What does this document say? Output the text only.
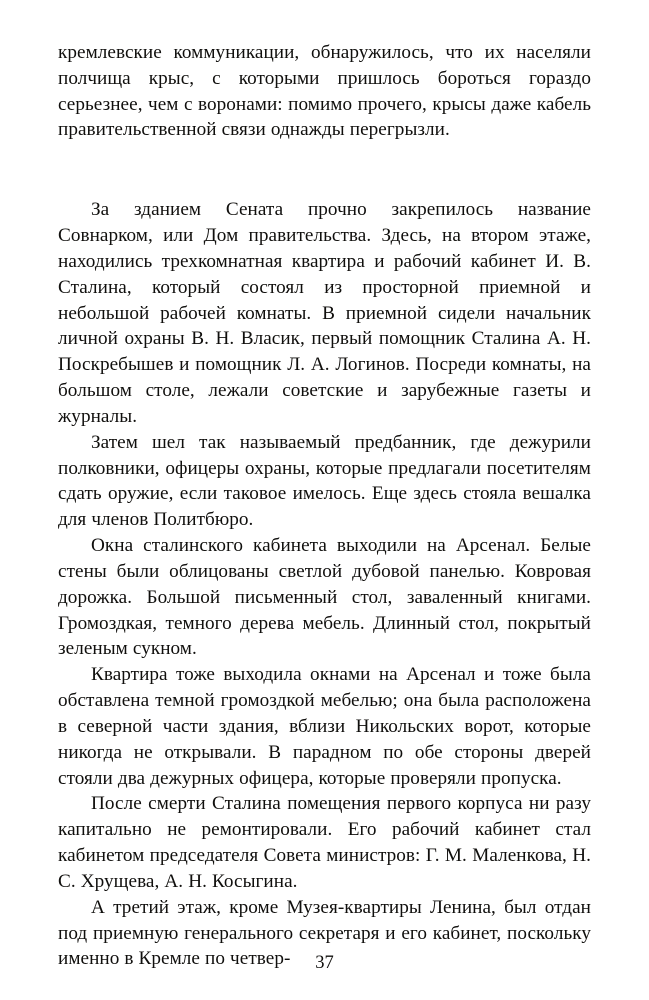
кремлевские коммуникации, обнаружилось, что их населяли полчища крыс, с которыми пришлось бороться гораздо серьезнее, чем с воронами: помимо прочего, крысы даже кабель правительственной связи однажды перегрызли.

За зданием Сената прочно закрепилось название Совнарком, или Дом правительства. Здесь, на втором этаже, находились трехкомнатная квартира и рабочий кабинет И. В. Сталина, который состоял из просторной приемной и небольшой рабочей комнаты. В приемной сидели начальник личной охраны В. Н. Власик, первый помощник Сталина А. Н. Поскребышев и помощник Л. А. Логинов. Посреди комнаты, на большом столе, лежали советские и зарубежные газеты и журналы.

Затем шел так называемый предбанник, где дежурили полковники, офицеры охраны, которые предлагали посетителям сдать оружие, если таковое имелось. Еще здесь стояла вешалка для членов Политбюро.

Окна сталинского кабинета выходили на Арсенал. Белые стены были облицованы светлой дубовой панелью. Ковровая дорожка. Большой письменный стол, заваленный книгами. Громоздкая, темного дерева мебель. Длинный стол, покрытый зеленым сукном.

Квартира тоже выходила окнами на Арсенал и тоже была обставлена темной громоздкой мебелью; она была расположена в северной части здания, вблизи Никольских ворот, которые никогда не открывали. В парадном по обе стороны дверей стояли два дежурных офицера, которые проверяли пропуска.

После смерти Сталина помещения первого корпуса ни разу капитально не ремонтировали. Его рабочий кабинет стал кабинетом председателя Совета министров: Г. М. Маленкова, Н. С. Хрущева, А. Н. Косыгина.

А третий этаж, кроме Музея-квартиры Ленина, был отдан под приемную генерального секретаря и его кабинет, поскольку именно в Кремле по четвер-	37
